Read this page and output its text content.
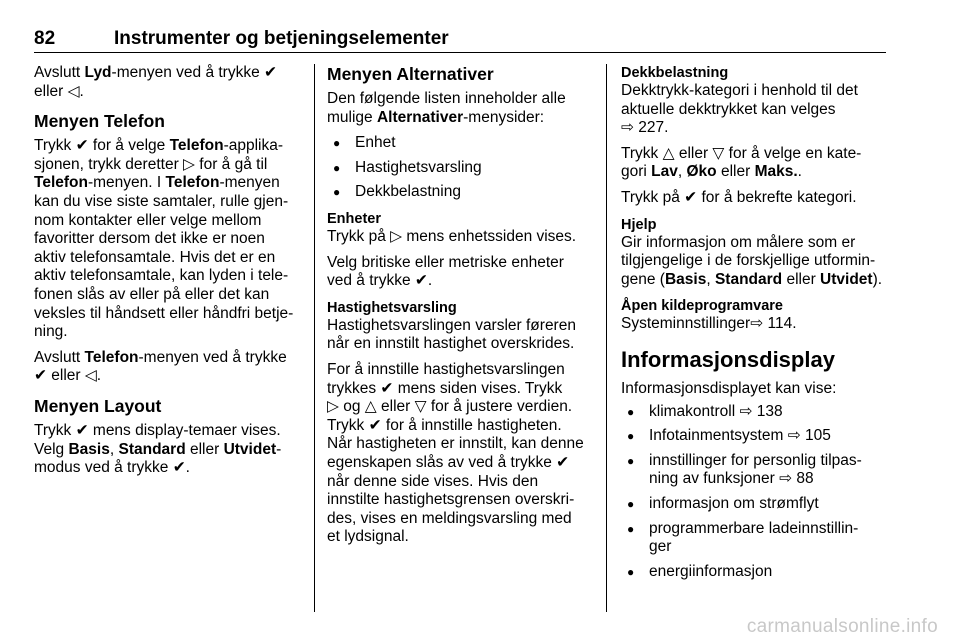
82	Instrumenter og betjeningselementer

Avslutt Lyd-menyen ved å trykke ✔
eller ◁.

Menyen Telefon

Trykk ✔ for å velge Telefon-applika-
sjonen, trykk deretter ▷ for å gå til
Telefon-menyen. I Telefon-menyen
kan du vise siste samtaler, rulle gjen-
nom kontakter eller velge mellom
favoritter dersom det ikke er noen
aktiv telefonsamtale. Hvis det er en
aktiv telefonsamtale, kan lyden i tele-
fonen slås av eller på eller det kan
veksles til håndsett eller håndfri betje-
ning.

Avslutt Telefon-menyen ved å trykke
✔ eller ◁.

Menyen Layout

Trykk ✔ mens display-temaer vises.
Velg Basis, Standard eller Utvidet-
modus ved å trykke ✔.

Menyen Alternativer

Den følgende listen inneholder alle
mulige Alternativer-menysider:

● Enhet
● Hastighetsvarsling
● Dekkbelastning
Enheter

Trykk på ▷ mens enhetssiden vises.

Velg britiske eller metriske enheter
ved å trykke ✔.

Hastighetsvarsling

Hastighetsvarslingen varsler føreren
når en innstilt hastighet overskrides.

For å innstille hastighetsvarslingen
trykkes ✔ mens siden vises. Trykk
▷ og △ eller ▽ for å justere verdien.
Trykk ✔ for å innstille hastigheten.
Når hastigheten er innstilt, kan denne
egenskapen slås av ved å trykke ✔
når denne side vises. Hvis den
innstilte hastighetsgrensen overskri-
des, vises en meldingsvarsling med
et lydsignal.

Dekkbelastning

Dekktrykk-kategori i henhold til det
aktuelle dekktrykket kan velges
⇨ 227.

Trykk △ eller ▽ for å velge en kate-
gori Lav, Øko eller Maks..

Trykk på ✔ for å bekrefte kategori.

Hjelp

Gir informasjon om målere som er
tilgjengelige i de forskjellige utformin-
gene (Basis, Standard eller Utvidet).

Åpen kildeprogramvare

Systeminnstillinger⇨ 114.

Informasjonsdisplay

Informasjonsdisplayet kan vise:

● klimakontroll ⇨ 138
● Infotainmentsystem ⇨ 105
● innstillinger for personlig tilpas-
ning av funksjoner ⇨ 88
● informasjon om strømflyt
● programmerbare ladeinnstillin-
ger
● energiinformasjon
carmanualsonline.info
